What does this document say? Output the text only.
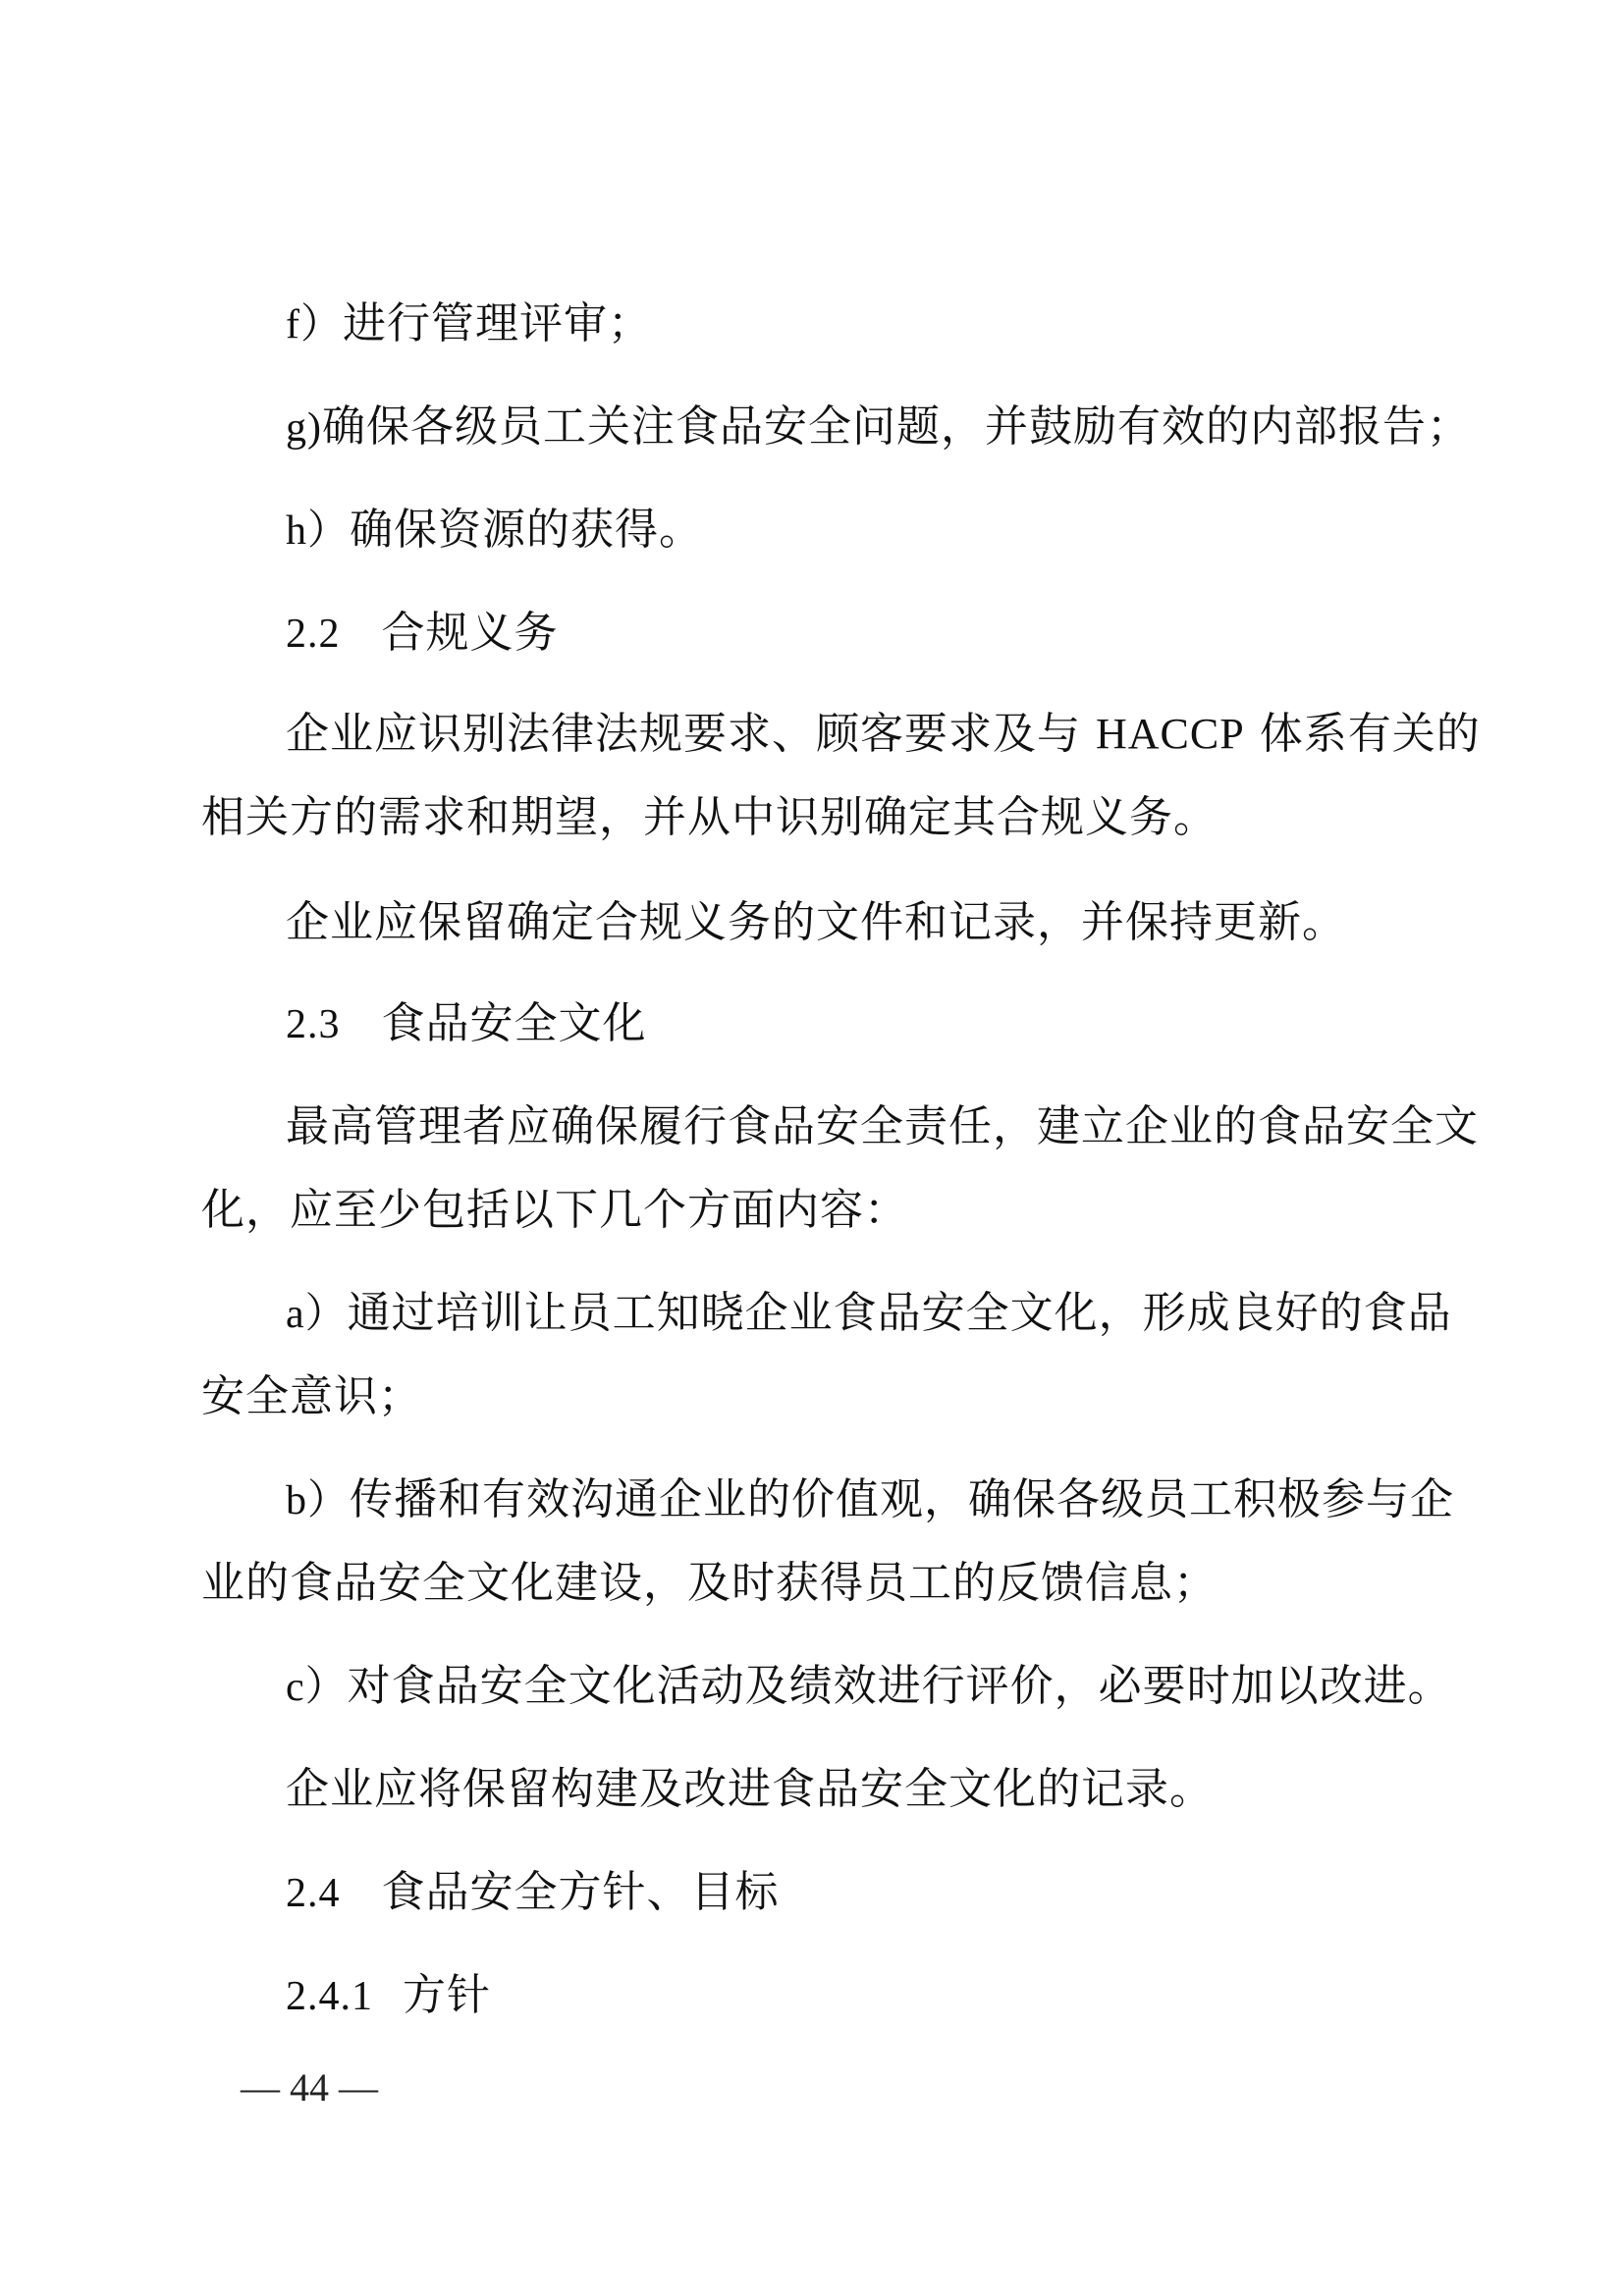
f）进行管理评审；
g)确保各级员工关注食品安全问题，并鼓励有效的内部报告；
h）确保资源的获得。
2.2 合规义务
企业应识别法律法规要求、顾客要求及与 HACCP 体系有关的
相关方的需求和期望，并从中识别确定其合规义务。
企业应保留确定合规义务的文件和记录，并保持更新。
2.3 食品安全文化
最高管理者应确保履行食品安全责任，建立企业的食品安全文
化，应至少包括以下几个方面内容：
a）通过培训让员工知晓企业食品安全文化，形成良好的食品
安全意识；
b）传播和有效沟通企业的价值观，确保各级员工积极参与企
业的食品安全文化建设，及时获得员工的反馈信息；
c）对食品安全文化活动及绩效进行评价，必要时加以改进。
企业应将保留构建及改进食品安全文化的记录。
2.4 食品安全方针、目标
2.4.1 方针
— 44 —
